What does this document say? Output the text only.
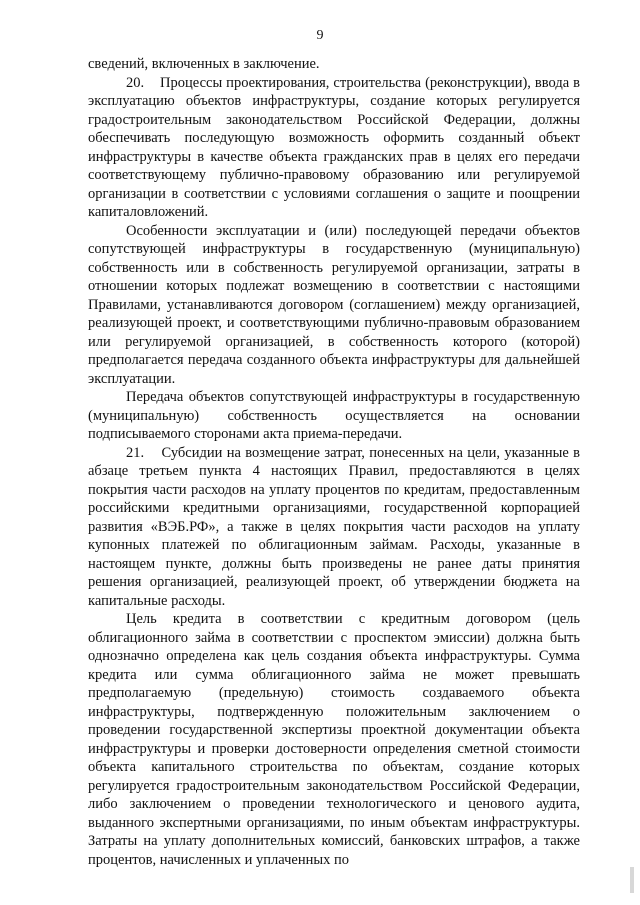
9

сведений, включенных в заключение.

20.    Процессы проектирования, строительства (реконструкции), ввода в эксплуатацию объектов инфраструктуры, создание которых регулируется градостроительным законодательством Российской Федерации, должны обеспечивать последующую возможность оформить созданный объект инфраструктуры в качестве объекта гражданских прав в целях его передачи соответствующему публично-правовому образованию или регулируемой организации в соответствии с условиями соглашения о защите и поощрении капиталовложений.

Особенности эксплуатации и (или) последующей передачи объектов сопутствующей инфраструктуры в государственную (муниципальную) собственность или в собственность регулируемой организации, затраты в отношении которых подлежат возмещению в соответствии с настоящими Правилами, устанавливаются договором (соглашением) между организацией, реализующей проект, и соответствующими публично-правовым образованием или регулируемой организацией, в собственность которого (которой) предполагается передача созданного объекта инфраструктуры для дальнейшей эксплуатации.

Передача объектов сопутствующей инфраструктуры в государственную (муниципальную) собственность осуществляется на основании подписываемого сторонами акта приема-передачи.

21.    Субсидии на возмещение затрат, понесенных на цели, указанные в абзаце третьем пункта 4 настоящих Правил, предоставляются в целях покрытия части расходов на уплату процентов по кредитам, предоставленным российскими кредитными организациями, государственной корпорацией развития «ВЭБ.РФ», а также в целях покрытия части расходов на уплату купонных платежей по облигационным займам. Расходы, указанные в настоящем пункте, должны быть произведены не ранее даты принятия решения организацией, реализующей проект, об утверждении бюджета на капитальные расходы.

Цель кредита в соответствии с кредитным договором (цель облигационного займа в соответствии с проспектом эмиссии) должна быть однозначно определена как цель создания объекта инфраструктуры. Сумма кредита или сумма облигационного займа не может превышать предполагаемую (предельную) стоимость создаваемого объекта инфраструктуры, подтвержденную положительным заключением о проведении государственной экспертизы проектной документации объекта инфраструктуры и проверки достоверности определения сметной стоимости объекта капитального строительства по объектам, создание которых регулируется градостроительным законодательством Российской Федерации, либо заключением о проведении технологического и ценового аудита, выданного экспертными организациями, по иным объектам инфраструктуры. Затраты на уплату дополнительных комиссий, банковских штрафов, а также процентов, начисленных и уплаченных по
